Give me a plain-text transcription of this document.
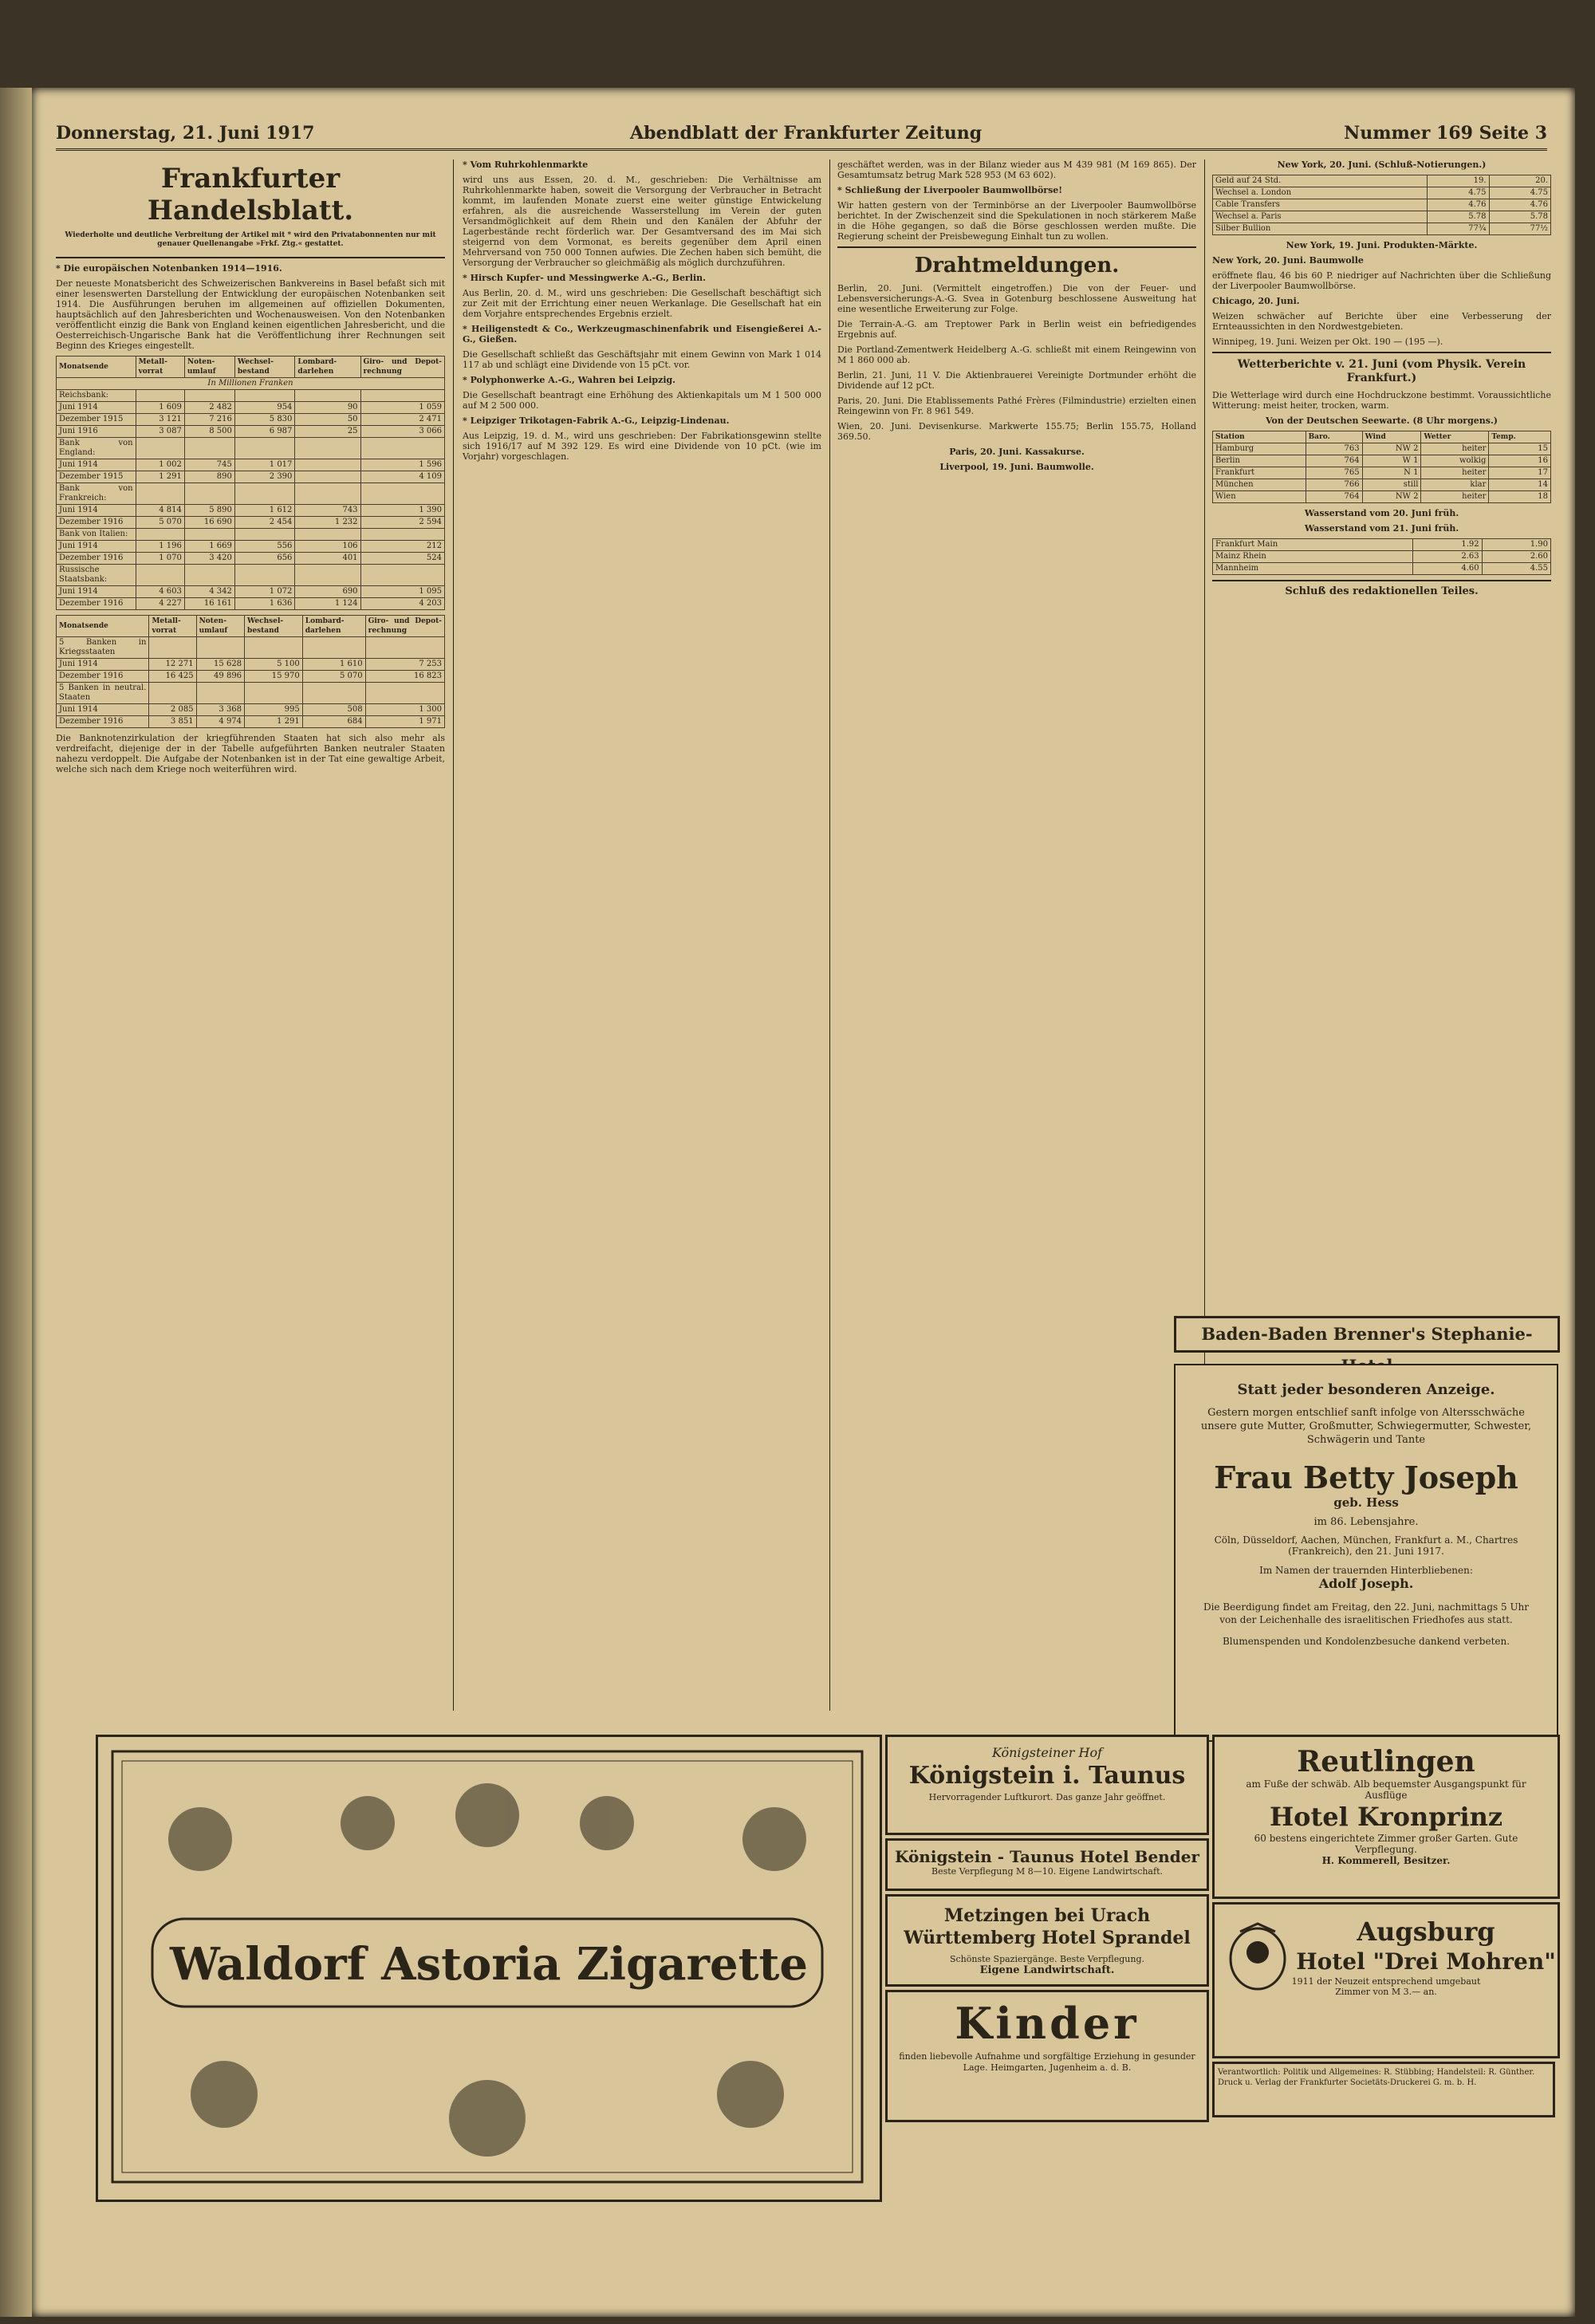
Donnerstag, 21. Juni 1917	Abendblatt der Frankfurter Zeitung	Nummer 169 Seite 3
Frankfurter Handelsblatt.
Wiederholte und deutliche Verbreitung der Artikel mit * wird den Privatabonnenten nur mit genauer Quellenangabe »Frkf. Ztg.« gestattet.

* Die europäischen Notenbanken 1914—1916.

Der neueste Monatsbericht des Schweizerischen Bankvereins in Basel befaßt sich mit einer lesenswerten Darstellung der Entwicklung der europäischen Notenbanken seit 1914. Die Ausführungen beruhen im allgemeinen auf offiziellen Dokumenten, hauptsächlich auf den Jahresberichten und Wochenausweisen. Von den Notenbanken veröffentlicht einzig die Bank von England keinen eigentlichen Jahresbericht, und die Oesterreichisch-Ungarische Bank hat die Veröffentlichung ihrer Rechnungen seit Beginn des Krieges eingestellt.

Monatsende	Metall-vorrat	Noten-umlauf	Wechsel-bestand	Lombard-darlehen	Giro- und Depot-rechnung
In Millionen Franken					
Reichsbank:					
Juni 1914	1 609	2 482	954	90	1 059
Dezember 1915	3 121	7 216	5 830	50	2 471
Juni 1916	3 087	8 500	6 987	25	3 066
Bank von England:					
Juni 1914	1 002	745	1 017		1 596
Dezember 1915	1 291	890	2 390		4 109
Bank von Frankreich:					
Juni 1914	4 814	5 890	1 612	743	1 390
Dezember 1916	5 070	16 690	2 454	1 232	2 594
Bank von Italien:					
Juni 1914	1 196	1 669	556	106	212
Dezember 1916	1 070	3 420	656	401	524
Russische Staatsbank:					
Juni 1914	4 603	4 342	1 072	690	1 095
Dezember 1916	4 227	16 161	1 636	1 124	4 203
Monatsende	Metall-vorrat	Noten-umlauf	Wechsel-bestand	Lombard-darlehen	Giro- und Depot-rechnung
5 Banken in Kriegsstaaten					
Juni 1914	12 271	15 628	5 100	1 610	7 253
Dezember 1916	16 425	49 896	15 970	5 070	16 823
5 Banken in neutral. Staaten					
Juni 1914	2 085	3 368	995	508	1 300
Dezember 1916	3 851	4 974	1 291	684	1 971

Die Banknotenzirkulation der kriegführenden Staaten hat sich also mehr als verdreifacht, diejenige der in der Tabelle aufgeführten Banken neutraler Staaten nahezu verdoppelt. Die Aufgabe der Notenbanken ist in der Tat eine gewaltige Arbeit, welche sich nach dem Kriege noch weiterführen wird.

* Vom Ruhrkohlenmarkte

wird uns aus Essen, 20. d. M., geschrieben: Die Verhältnisse am Ruhrkohlenmarkte haben, soweit die Versorgung der Verbraucher in Betracht kommt, im laufenden Monate zuerst eine weiter günstige Entwickelung erfahren, als die ausreichende Wasserstellung im Verein der guten Versandmöglichkeit auf dem Rhein und den Kanälen der Abfuhr der Lagerbestände recht förderlich war. Der Gesamtversand des im Mai sich steigernd von dem Vormonat, es bereits gegenüber dem April einen Mehrversand von 750 000 Tonnen aufwies. Die Zechen haben sich bemüht, die Versorgung der Verbraucher so gleichmäßig als möglich durchzuführen.

* Hirsch Kupfer- und Messingwerke A.-G., Berlin.

Aus Berlin, 20. d. M., wird uns geschrieben: Die Gesellschaft beschäftigt sich zur Zeit mit der Errichtung einer neuen Werkanlage. Die Gesellschaft hat ein dem Vorjahre entsprechendes Ergebnis erzielt.

* Heiligenstedt & Co., Werkzeugmaschinenfabrik und Eisengießerei A.-G., Gießen.

Die Gesellschaft schließt das Geschäftsjahr mit einem Gewinn von Mark 1 014 117 ab und schlägt eine Dividende von 15 pCt. vor.

* Polyphonwerke A.-G., Wahren bei Leipzig.

Die Gesellschaft beantragt eine Erhöhung des Aktienkapitals um M 1 500 000 auf M 2 500 000.

* Leipziger Trikotagen-Fabrik A.-G., Leipzig-Lindenau.

Aus Leipzig, 19. d. M., wird uns geschrieben: Der Fabrikationsgewinn stellte sich 1916/17 auf M 392 129. Es wird eine Dividende von 10 pCt. (wie im Vorjahr) vorgeschlagen.

geschäftet werden, was in der Bilanz wieder aus M 439 981 (M 169 865). Der Gesamtumsatz betrug Mark 528 953 (M 63 602).

* Schließung der Liverpooler Baumwollbörse!

Wir hatten gestern von der Terminbörse an der Liverpooler Baumwollbörse berichtet. In der Zwischenzeit sind die Spekulationen in noch stärkerem Maße in die Höhe gegangen, so daß die Börse geschlossen werden mußte. Die Regierung scheint der Preisbewegung Einhalt tun zu wollen.

Drahtmeldungen.

Berlin, 20. Juni. (Vermittelt eingetroffen.) Die von der Feuer- und Lebensversicherungs-A.-G. Svea in Gotenburg beschlossene Ausweitung hat eine wesentliche Erweiterung zur Folge.

Die Terrain-A.-G. am Treptower Park in Berlin weist ein befriedigendes Ergebnis auf.

Die Portland-Zementwerk Heidelberg A.-G. schließt mit einem Reingewinn von M 1 860 000 ab.

Berlin, 21. Juni, 11 V. Die Aktienbrauerei Vereinigte Dortmunder erhöht die Dividende auf 12 pCt.

Paris, 20. Juni. Die Etablissements Pathé Frères (Filmindustrie) erzielten einen Reingewinn von Fr. 8 961 549.

Wien, 20. Juni. Devisenkurse. Markwerte 155.75; Berlin 155.75, Holland 369.50.

Paris, 20. Juni. Kassakurse.

Liverpool, 19. Juni. Baumwolle.

New York, 20. Juni. (Schluß-Notierungen.)

Geld auf 24 Std.	19.	20.
Wechsel a. London	4.75	4.75
Cable Transfers	4.76	4.76
Wechsel a. Paris	5.78	5.78
Silber Bullion	77¾	77½

New York, 19. Juni. Produkten-Märkte.

New York, 20. Juni. Baumwolle

eröffnete flau, 46 bis 60 P. niedriger auf Nachrichten über die Schließung der Liverpooler Baumwollbörse.

Chicago, 20. Juni.

Weizen schwächer auf Berichte über eine Verbesserung der Ernteaussichten in den Nordwestgebieten.

Winnipeg, 19. Juni. Weizen per Okt. 190 — (195 —).

Wetterberichte v. 21. Juni (vom Physik. Verein Frankfurt.)

Die Wetterlage wird durch eine Hochdruckzone bestimmt. Voraussichtliche Witterung: meist heiter, trocken, warm.

Von der Deutschen Seewarte. (8 Uhr morgens.)

Station	Baro.	Wind	Wetter	Temp.
Hamburg	763	NW 2	heiter	15
Berlin	764	W 1	wolkig	16
Frankfurt	765	N 1	heiter	17
München	766	still	klar	14
Wien	764	NW 2	heiter	18

Wasserstand vom 20. Juni früh.

Wasserstand vom 21. Juni früh.

Frankfurt Main	1.92	1.90
Mainz Rhein	2.63	2.60
Mannheim	4.60	4.55

Schluß des redaktionellen Teiles.

Baden-Baden Brenner's Stephanie-
Statt jeder besonderen Anzeige.
Gestern morgen entschlief sanft infolge von Altersschwäche unsere gute Mutter, Großmutter, Schwiegermutter, Schwester, Schwägerin und Tante
Frau Betty Joseph
geb. Hess
im 86. Lebensjahre.
Cöln, Düsseldorf, Aachen, München, Frankfurt a. M., Chartres (Frankreich), den 21. Juni 1917.
Im Namen der trauernden Hinterbliebenen:
Adolf Joseph.
Die Beerdigung findet am Freitag, den 22. Juni, nachmittags 5 Uhr von der Leichenhalle des israelitischen Friedhofes aus statt.
Blumenspenden und Kondolenzbesuche dankend verbeten.
Waldorf Astoria Zigarette
Königsteiner Hof
Königstein i. Taunus
Hervorragender Luftkurort. Das ganze Jahr geöffnet.
Königstein - Taunus Hotel Bender
Beste Verpflegung M 8—10. Eigene Landwirtschaft.
Metzingen bei Urach Württemberg Hotel Sprandel
Schönste Spaziergänge. Beste Verpflegung.
Eigene Landwirtschaft.
Kinder
finden liebevolle Aufnahme und sorgfältige Erziehung in gesunder Lage. Heimgarten, Jugenheim a. d. B.
Reutlingen
am Fuße der schwäb. Alb bequemster Ausgangspunkt für Ausflüge
Hotel Kronprinz
60 bestens eingerichtete Zimmer großer Garten. Gute Verpflegung.
H. Kommerell, Besitzer.
Augsburg
Hotel "Drei Mohren"
1911 der Neuzeit entsprechend umgebaut
Zimmer von M 3.— an.
Verantwortlich: Politik und Allgemeines: R. Stübbing; Handelsteil: R. Günther. Druck u. Verlag der Frankfurter Societäts-Druckerei G. m. b. H.
